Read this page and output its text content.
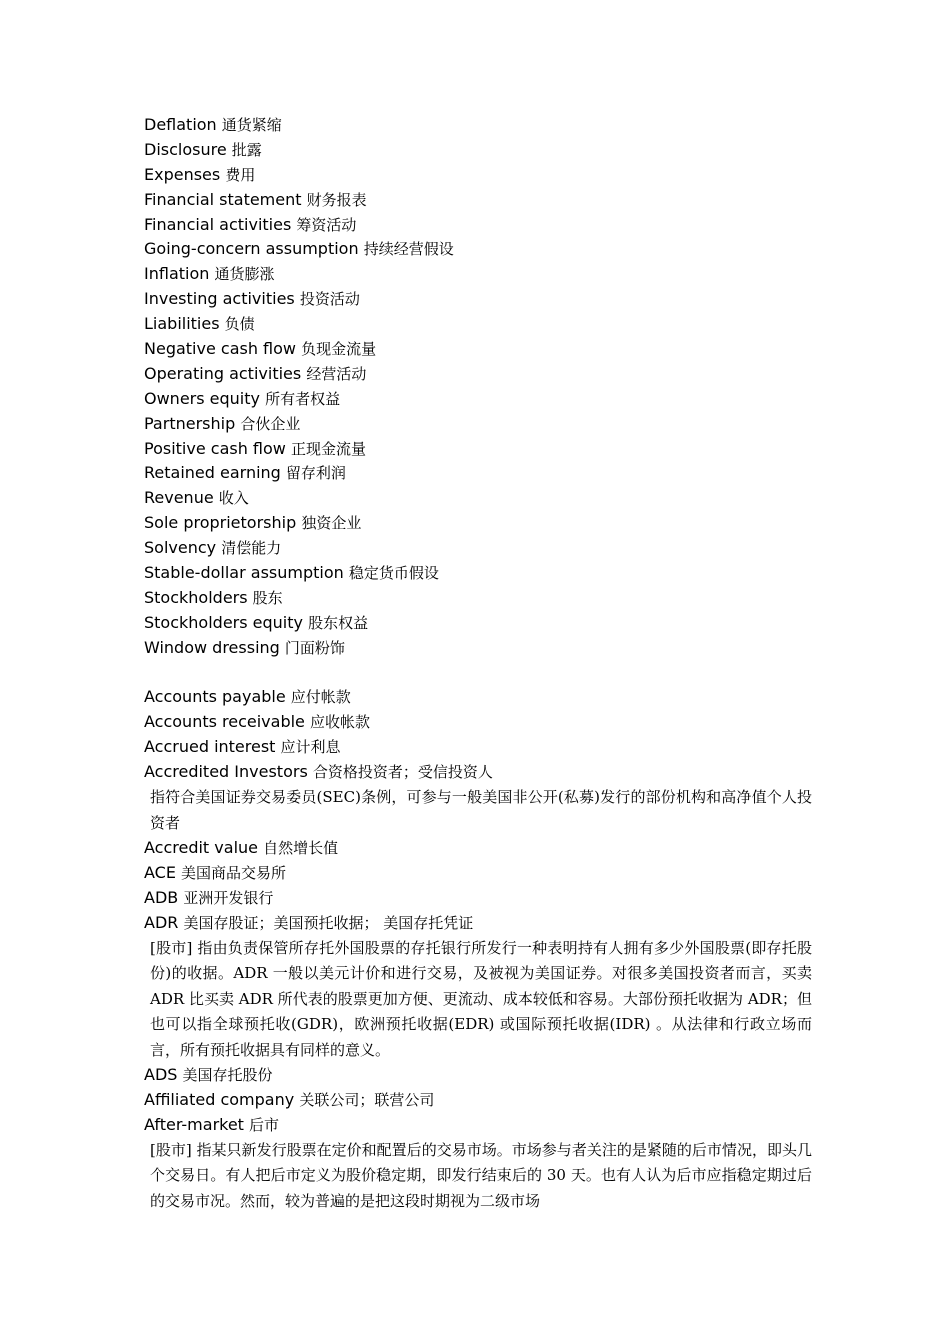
Deflation 通货紧缩
Disclosure 批露
Expenses 费用
Financial statement 财务报表
Financial activities 筹资活动
Going-concern assumption 持续经营假设
Inflation 通货膨涨
Investing activities 投资活动
Liabilities 负债
Negative cash flow 负现金流量
Operating activities 经营活动
Owners equity 所有者权益
Partnership 合伙企业
Positive cash flow 正现金流量
Retained earning 留存利润
Revenue 收入
Sole proprietorship 独资企业
Solvency 清偿能力
Stable-dollar assumption 稳定货币假设
Stockholders 股东
Stockholders equity 股东权益
Window dressing 门面粉饰
Accounts payable 应付帐款
Accounts receivable 应收帐款
Accrued interest 应计利息
Accredited Investors 合资格投资者；受信投资人

指符合美国证券交易委员(SEC)条例，可参与一般美国非公开(私募)发行的部份机构和高净值个人投资者

Accredit value 自然增长值
ACE 美国商品交易所
ADB 亚洲开发银行
ADR 美国存股证；美国预托收据； 美国存托凭证

[股市] 指由负责保管所存托外国股票的存托银行所发行一种表明持有人拥有多少外国股票(即存托股份)的收据。ADR 一般以美元计价和进行交易，及被视为美国证券。对很多美国投资者而言，买卖 ADR 比买卖 ADR 所代表的股票更加方便、更流动、成本较低和容易。大部份预托收据为 ADR；但也可以指全球预托收(GDR)，欧洲预托收据(EDR) 或国际预托收据(IDR) 。从法律和行政立场而言，所有预托收据具有同样的意义。

ADS 美国存托股份
Affiliated company 关联公司；联营公司
After-market 后市

[股市] 指某只新发行股票在定价和配置后的交易市场。市场参与者关注的是紧随的后市情况，即头几个交易日。有人把后市定义为股价稳定期，即发行结束后的 30 天。也有人认为后市应指稳定期过后的交易市况。然而，较为普遍的是把这段时期视为二级市场
